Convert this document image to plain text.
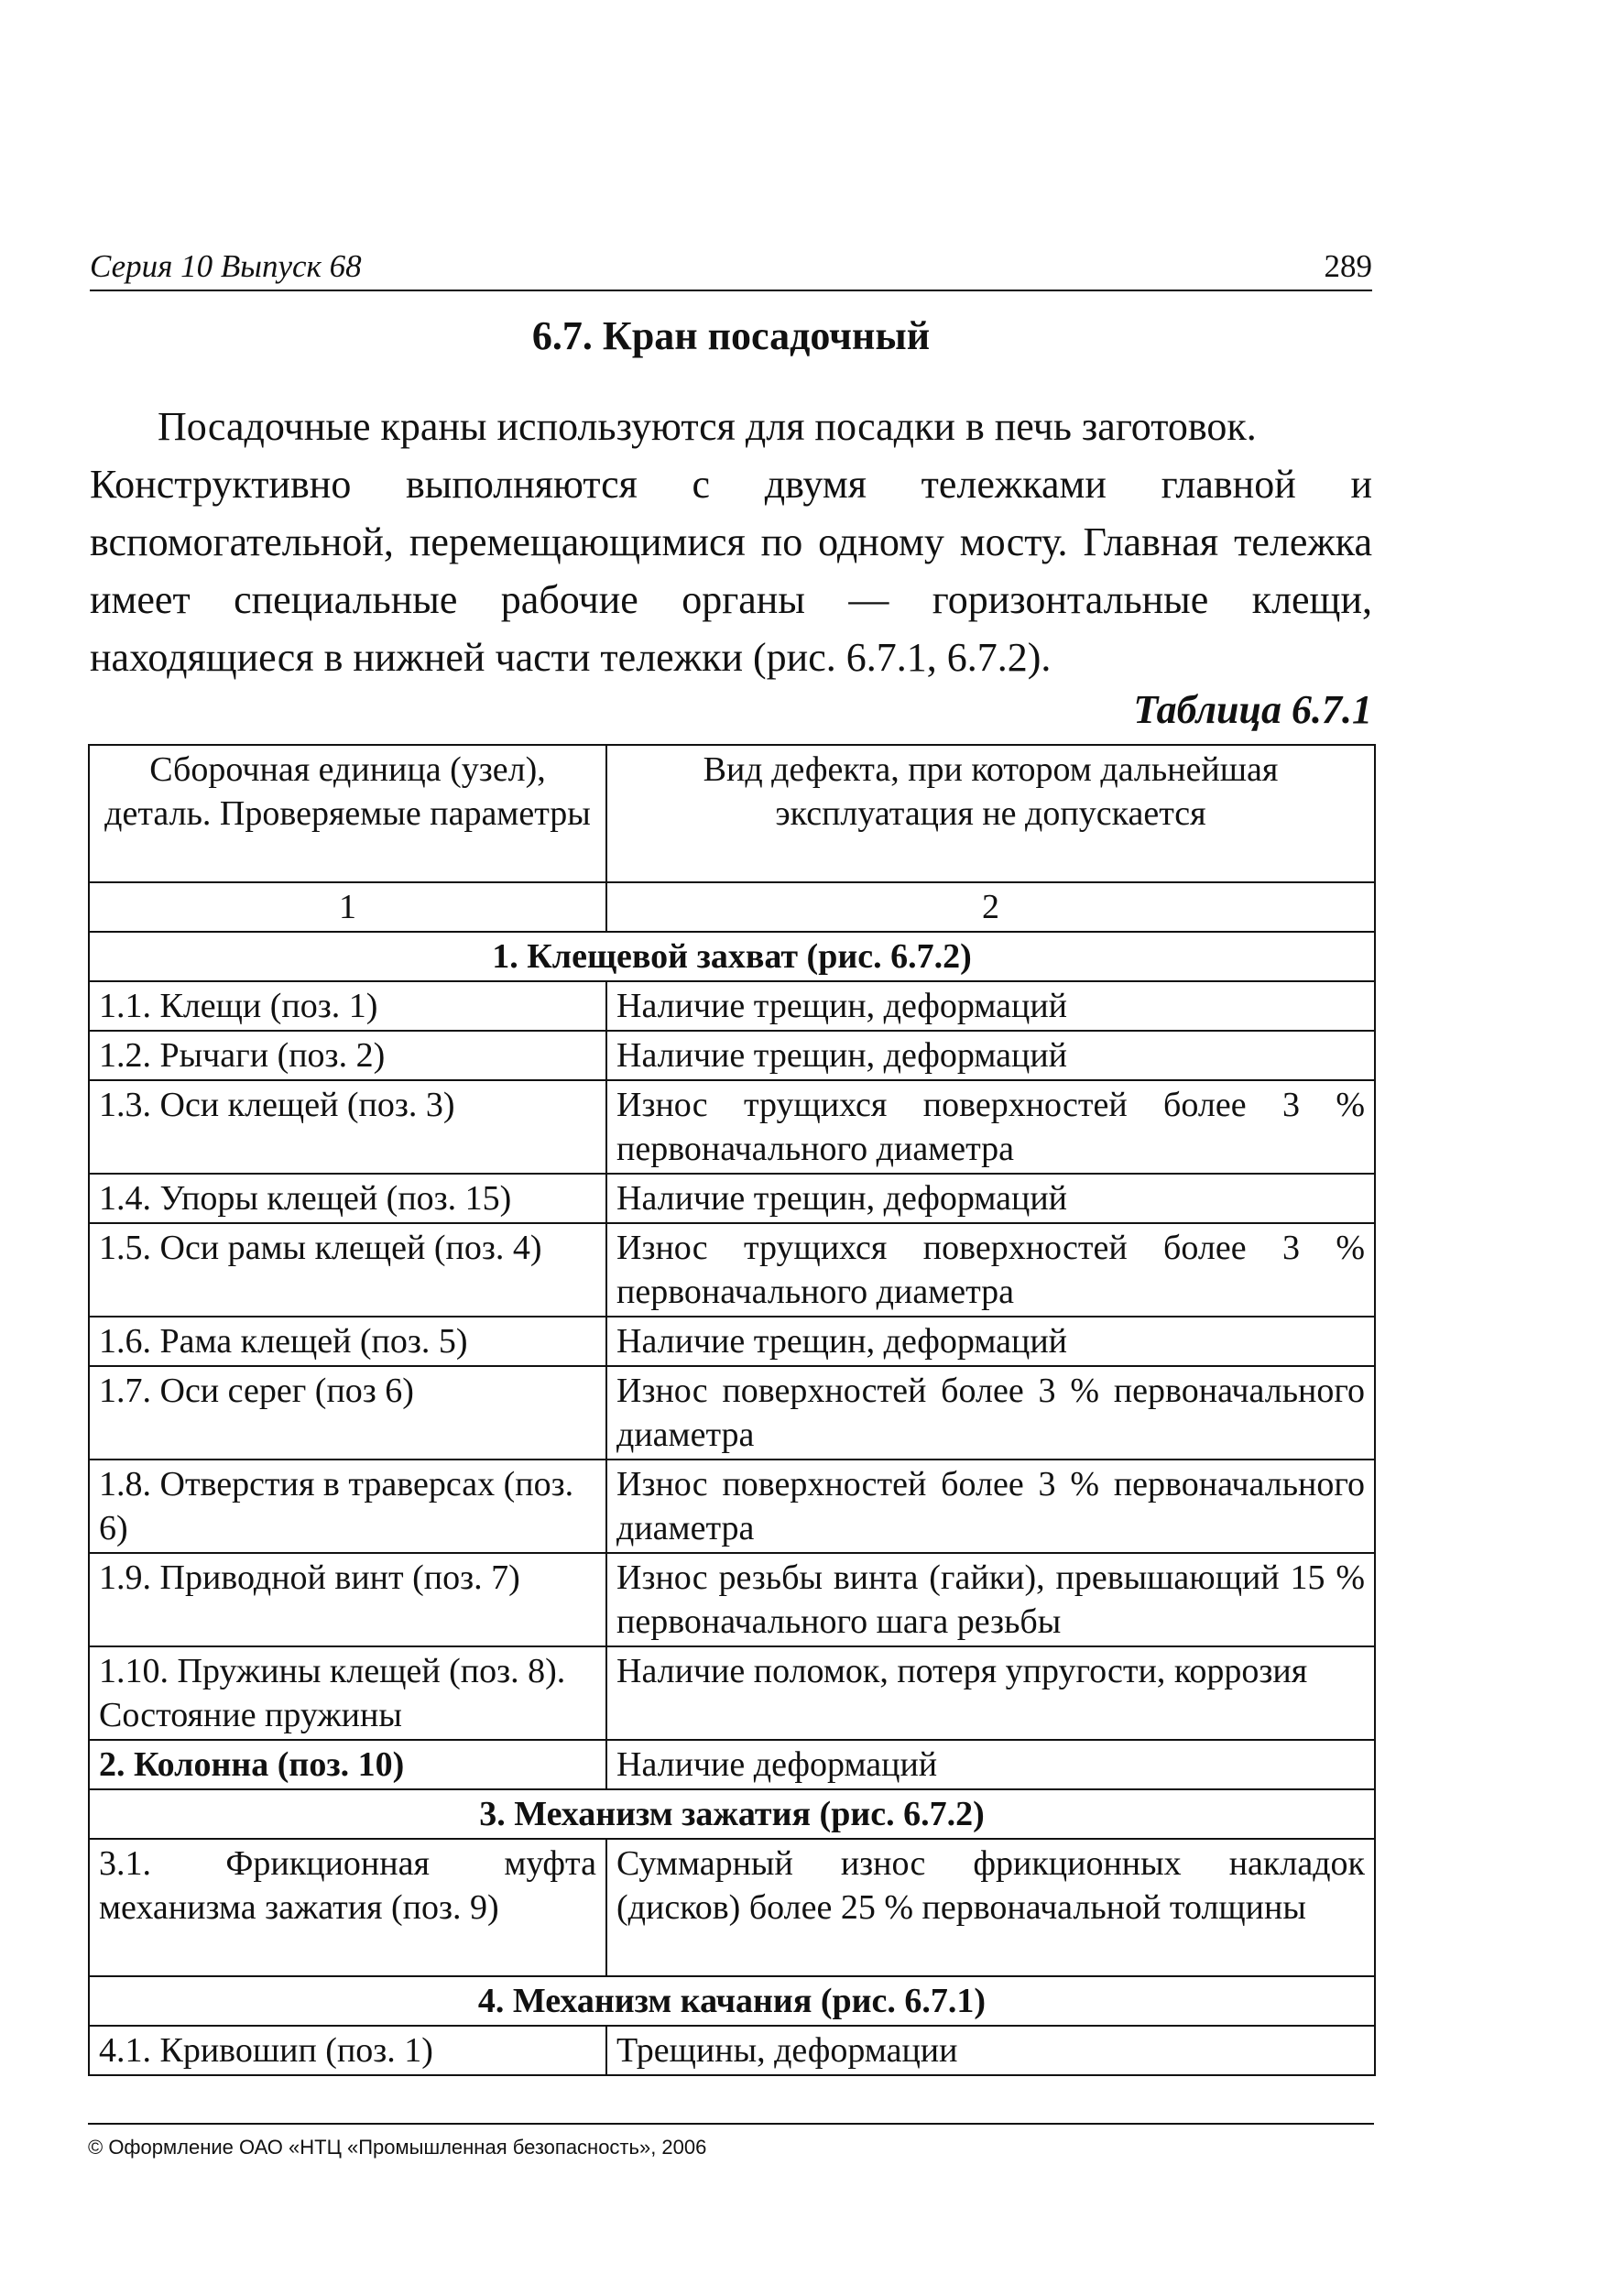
Серия 10 Выпуск 68	289
6.7. Кран посадочный

Посадочные краны используются для посадки в печь заготовок.
Конструктивно выполняются с двумя тележками главной и вспомогательной, перемещающимися по одному мосту. Главная тележка имеет специальные рабочие органы — горизонтальные клещи, находящиеся в нижней части тележки (рис. 6.7.1, 6.7.2).

Таблица 6.7.1
Сборочная единица (узел), деталь. Проверяемые параметры	Вид дефекта, при котором дальнейшая эксплуатация не допускается
1	2
1. Клещевой захват (рис. 6.7.2)	
1.1. Клещи (поз. 1)	Наличие трещин, деформаций
1.2. Рычаги (поз. 2)	Наличие трещин, деформаций
1.3. Оси клещей (поз. 3)	Износ трущихся поверхностей более 3 % первоначального диаметра
1.4. Упоры клещей (поз. 15)	Наличие трещин, деформаций
1.5. Оси рамы клещей (поз. 4)	Износ трущихся поверхностей более 3 % первоначального диаметра
1.6. Рама клещей (поз. 5)	Наличие трещин, деформаций
1.7. Оси серег (поз 6)	Износ поверхностей более 3 % первоначального диаметра
1.8. Отверстия в траверсах (поз. 6)	Износ поверхностей более 3 % первоначального диаметра
1.9. Приводной винт (поз. 7)	Износ резьбы винта (гайки), превышающий 15 % первоначального шага резьбы
1.10. Пружины клещей (поз. 8). Состояние пружины	Наличие поломок, потеря упругости, коррозия
2. Колонна (поз. 10)	Наличие деформаций
3. Механизм зажатия (рис. 6.7.2)	
3.1. Фрикционная муфта механизма зажатия (поз. 9)	Суммарный износ фрикционных накладок (дисков) более 25 % первоначальной толщины
4. Механизм качания (рис. 6.7.1)	
4.1. Кривошип (поз. 1)	Трещины, деформации
© Оформление ОАО «НТЦ «Промышленная безопасность», 2006
